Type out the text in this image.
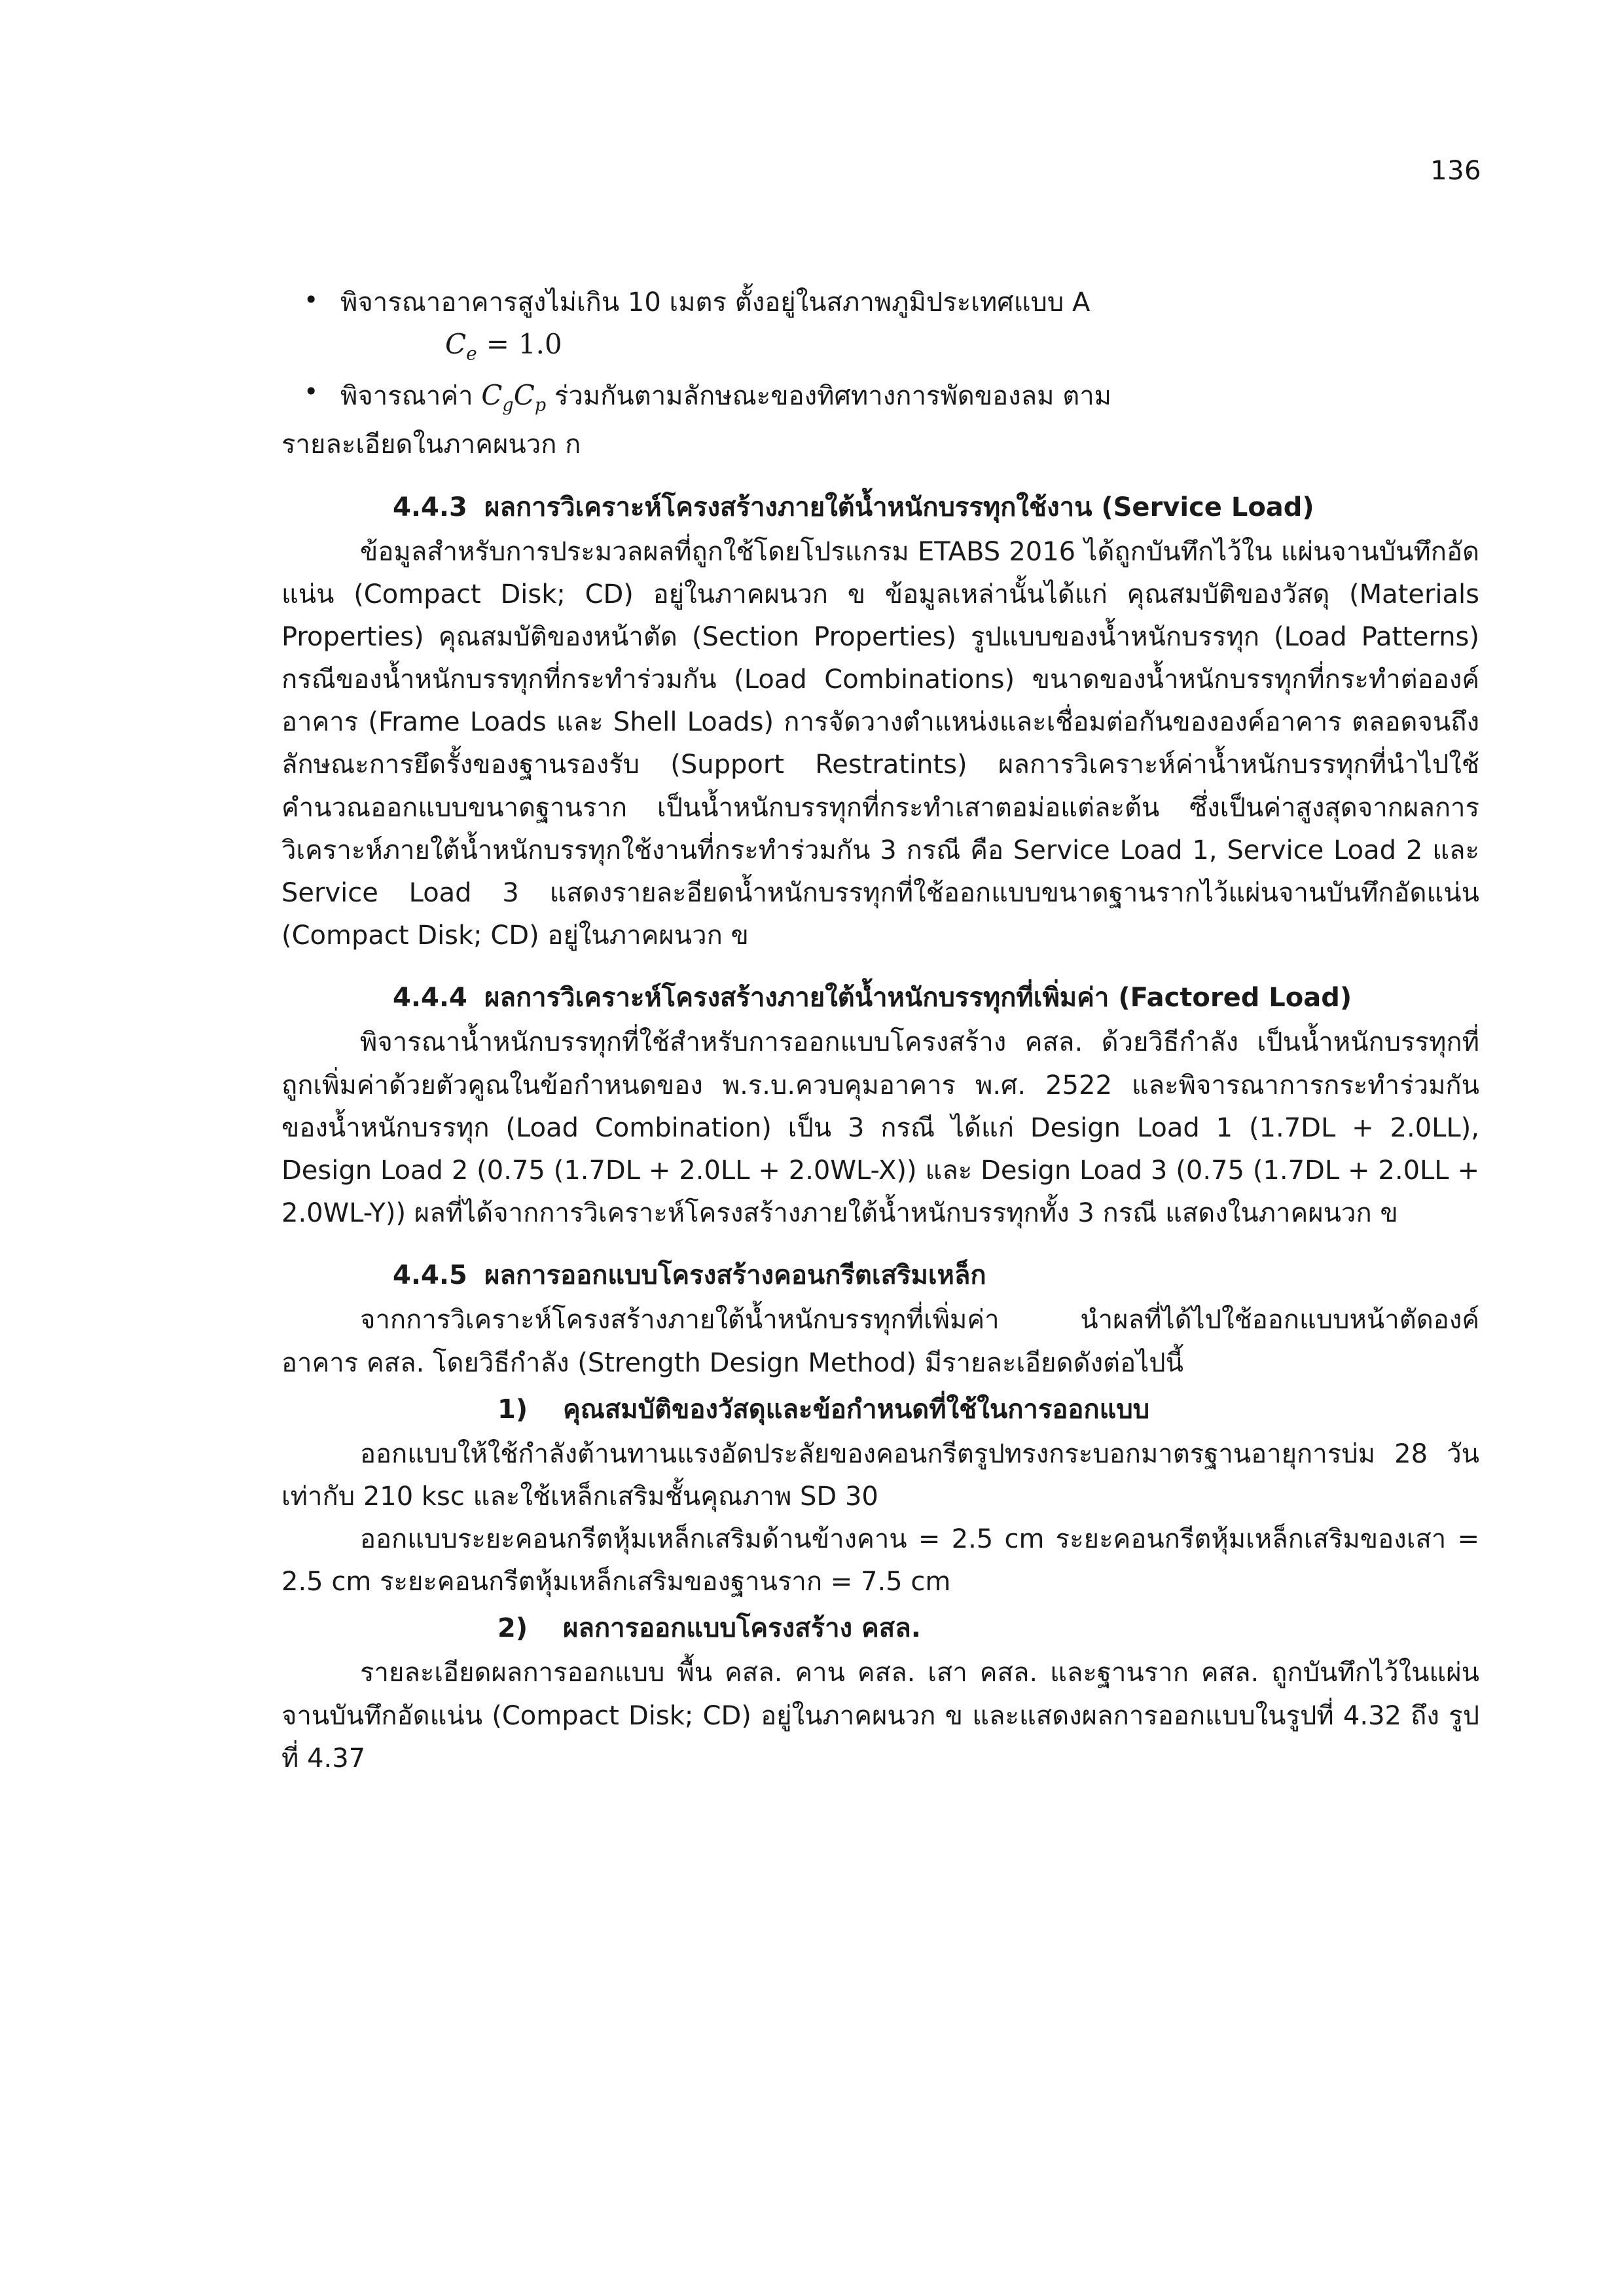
136
• พิจารณาอาคารสูงไม่เกิน 10 เมตร ตั้งอยู่ในสภาพภูมิประเทศแบบ A
$C_e = 1.0$
• พิจารณาค่า $C_gC_p$ ร่วมกันตามลักษณะของทิศทางการพัดของลม ตาม

รายละเอียดในภาคผนวก ก

4.4.3 ผลการวิเคราะห์โครงสร้างภายใต้น้ำหนักบรรทุกใช้งาน (Service Load)

ข้อมูลสำหรับการประมวลผลที่ถูกใช้โดยโปรแกรม ETABS 2016 ได้ถูกบันทึกไว้ใน แผ่นจานบันทึกอัดแน่น (Compact Disk; CD) อยู่ในภาคผนวก ข ข้อมูลเหล่านั้นได้แก่ คุณสมบัติของวัสดุ (Materials Properties) คุณสมบัติของหน้าตัด (Section Properties) รูปแบบของน้ำหนักบรรทุก (Load Patterns) กรณีของน้ำหนักบรรทุกที่กระทำร่วมกัน (Load Combinations) ขนาดของน้ำหนักบรรทุกที่กระทำต่อองค์อาคาร (Frame Loads และ Shell Loads) การจัดวางตำแหน่งและเชื่อมต่อกันขององค์อาคาร ตลอดจนถึงลักษณะการยึดรั้งของฐานรองรับ (Support Restratints) ผลการวิเคราะห์ค่าน้ำหนักบรรทุกที่นำไปใช้คำนวณออกแบบขนาดฐานราก เป็นน้ำหนักบรรทุกที่กระทำเสาตอม่อแต่ละต้น ซึ่งเป็นค่าสูงสุดจากผลการวิเคราะห์ภายใต้น้ำหนักบรรทุกใช้งานที่กระทำร่วมกัน 3 กรณี คือ Service Load 1, Service Load 2 และ Service Load 3 แสดงรายละอียดน้ำหนักบรรทุกที่ใช้ออกแบบขนาดฐานรากไว้แผ่นจานบันทึกอัดแน่น (Compact Disk; CD) อยู่ในภาคผนวก ข

4.4.4 ผลการวิเคราะห์โครงสร้างภายใต้น้ำหนักบรรทุกที่เพิ่มค่า (Factored Load)

พิจารณาน้ำหนักบรรทุกที่ใช้สำหรับการออกแบบโครงสร้าง คสล. ด้วยวิธีกำลัง เป็นน้ำหนักบรรทุกที่ถูกเพิ่มค่าด้วยตัวคูณในข้อกำหนดของ พ.ร.บ.ควบคุมอาคาร พ.ศ. 2522 และพิจารณาการกระทำร่วมกันของน้ำหนักบรรทุก (Load Combination) เป็น 3 กรณี ได้แก่ Design Load 1 (1.7DL + 2.0LL), Design Load 2 (0.75 (1.7DL + 2.0LL + 2.0WL-X)) และ Design Load 3 (0.75 (1.7DL + 2.0LL + 2.0WL-Y)) ผลที่ได้จากการวิเคราะห์โครงสร้างภายใต้น้ำหนักบรรทุกทั้ง 3 กรณี แสดงในภาคผนวก ข

4.4.5 ผลการออกแบบโครงสร้างคอนกรีตเสริมเหล็ก

จากการวิเคราะห์โครงสร้างภายใต้น้ำหนักบรรทุกที่เพิ่มค่า นำผลที่ได้ไปใช้ออกแบบหน้าตัดองค์อาคาร คสล. โดยวิธีกำลัง (Strength Design Method) มีรายละเอียดดังต่อไปนี้

1) คุณสมบัติของวัสดุและข้อกำหนดที่ใช้ในการออกแบบ

ออกแบบให้ใช้กำลังต้านทานแรงอัดประลัยของคอนกรีตรูปทรงกระบอกมาตรฐานอายุการบ่ม 28 วันเท่ากับ 210 ksc และใช้เหล็กเสริมชั้นคุณภาพ SD 30

ออกแบบระยะคอนกรีตหุ้มเหล็กเสริมด้านข้างคาน = 2.5 cm ระยะคอนกรีตหุ้มเหล็กเสริมของเสา = 2.5 cm ระยะคอนกรีตหุ้มเหล็กเสริมของฐานราก = 7.5 cm

2) ผลการออกแบบโครงสร้าง คสล.

รายละเอียดผลการออกแบบ พื้น คสล. คาน คสล. เสา คสล. และฐานราก คสล. ถูกบันทึกไว้ในแผ่นจานบันทึกอัดแน่น (Compact Disk; CD) อยู่ในภาคผนวก ข และแสดงผลการออกแบบในรูปที่ 4.32 ถึง รูปที่ 4.37
